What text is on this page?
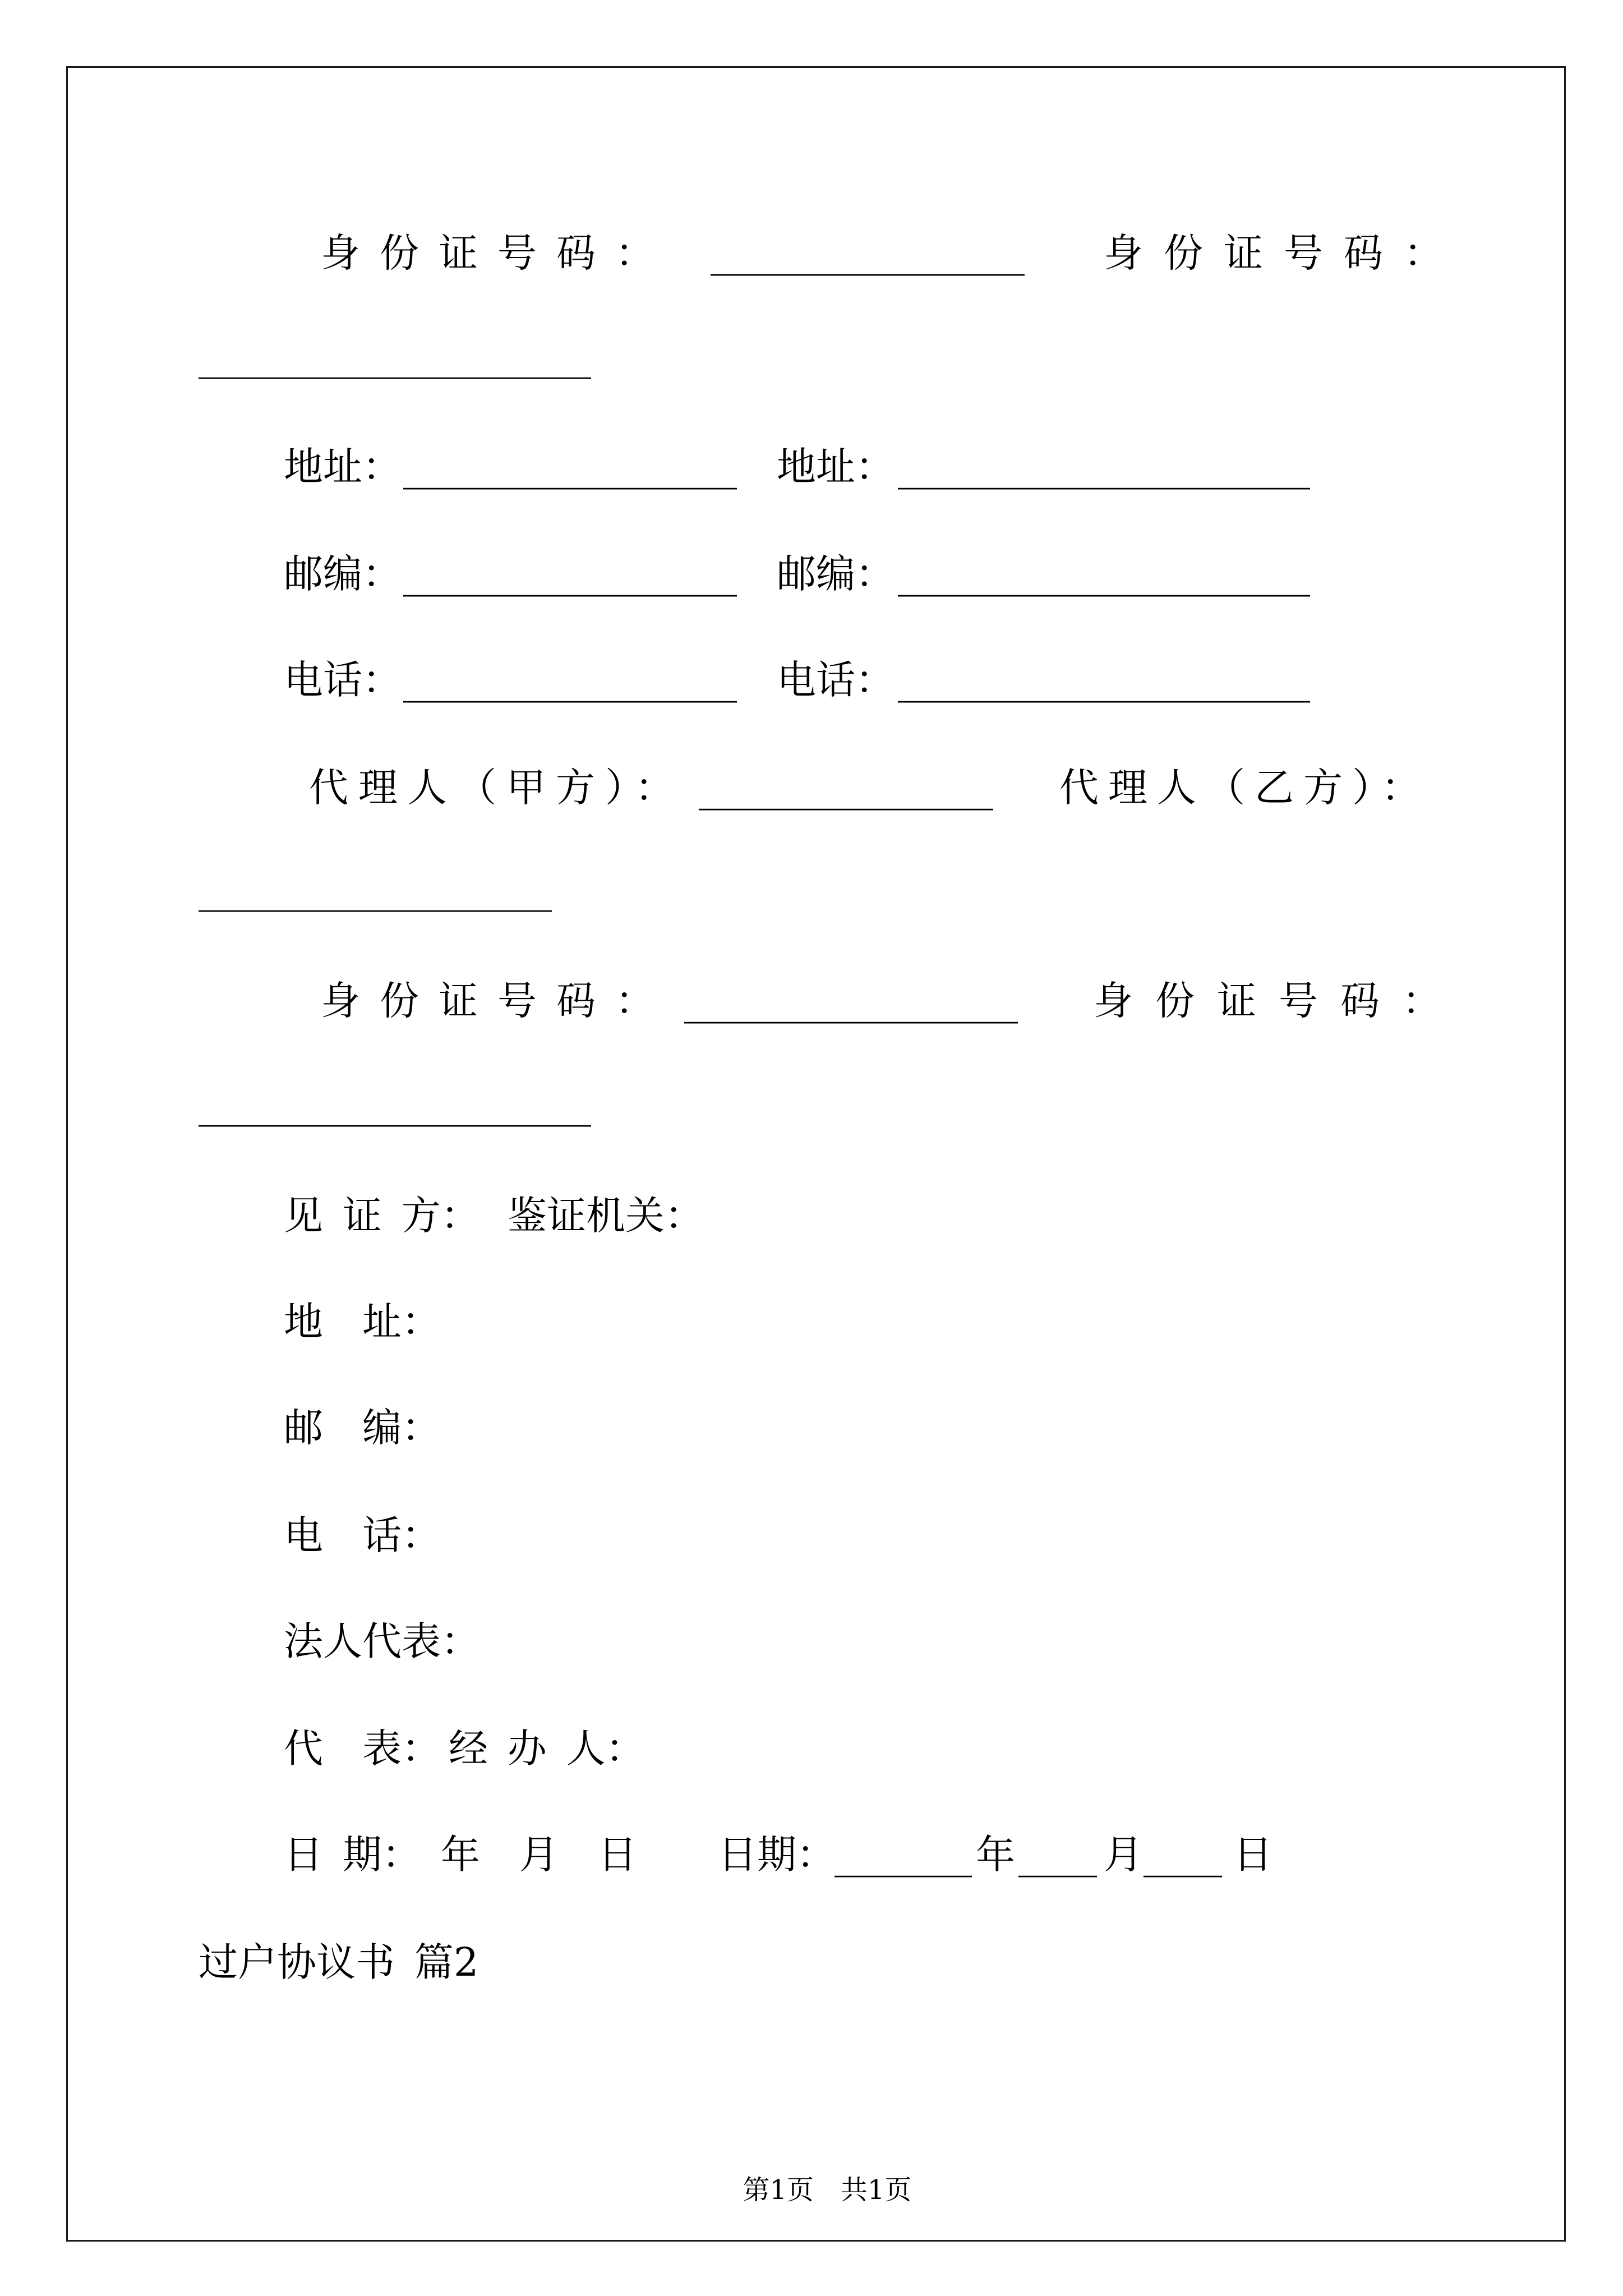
身份证号码： ________________ 身份证号码：
____________________
地址： _________________ 地址： _____________________
邮编： _________________ 邮编： _____________________
电话： _________________ 电话： _____________________
代理人（甲方）： _______________ 代理人（乙方）：
__________________
身份证号码： _________________ 身份证号码：
____________________
见 证 方： 鉴证机关：
地　址：
邮　编：
电　话：
法人代表：
代　表： 经 办 人：
日 期：　年　月　日 日期：
_______ 年 ____ 月 ____ 日
过户协议书 篇2

第1页　共1页
